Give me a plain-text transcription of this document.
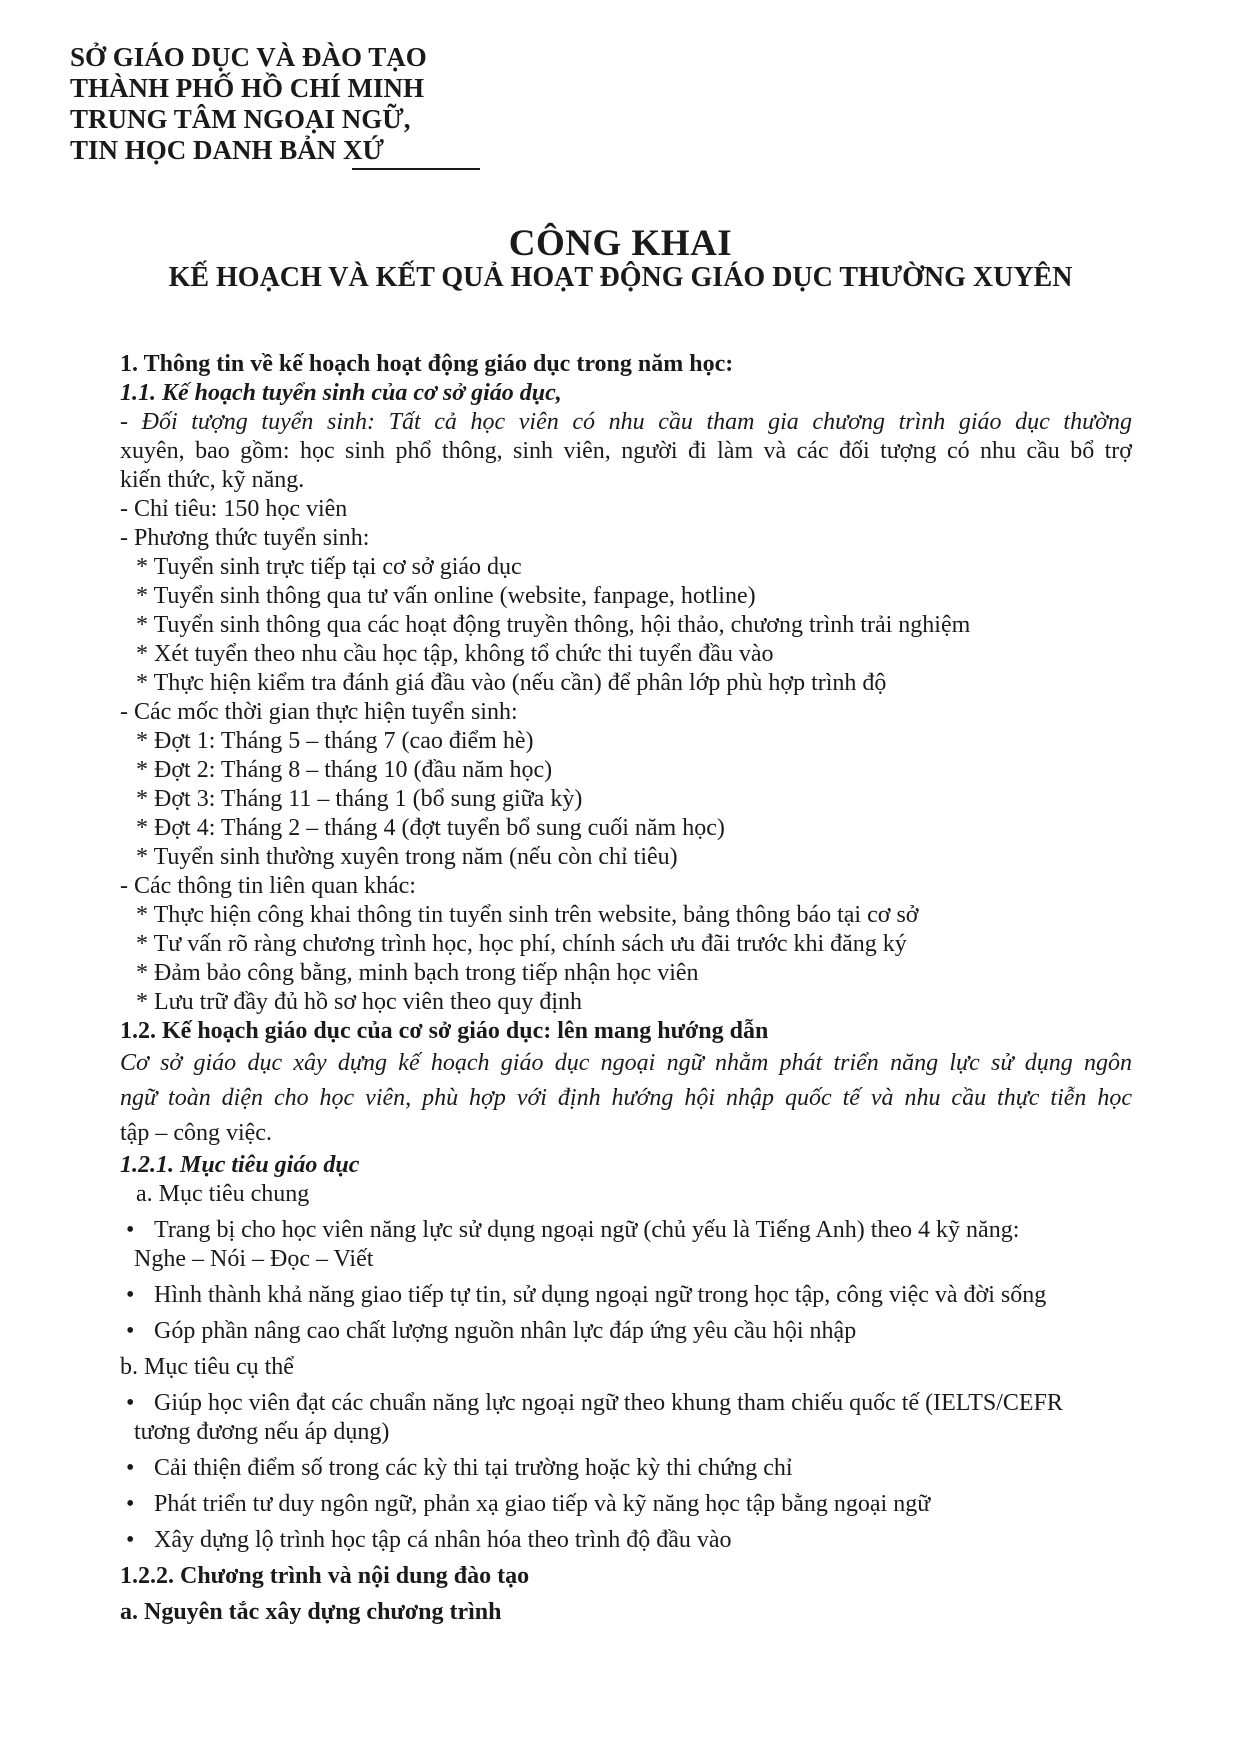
SỞ GIÁO DỤC VÀ ĐÀO TẠO
THÀNH PHỐ HỒ CHÍ MINH
TRUNG TÂM NGOẠI NGỮ,
TIN HỌC DANH BẢN XỨ
CÔNG KHAI
KẾ HOẠCH VÀ KẾT QUẢ HOẠT ĐỘNG GIÁO DỤC THƯỜNG XUYÊN
1. Thông tin về kế hoạch hoạt động giáo dục trong năm học:
1.1. Kế hoạch tuyển sinh của cơ sở giáo dục,
- Đối tượng tuyển sinh: Tất cả học viên có nhu cầu tham gia chương trình giáo dục thường
xuyên, bao gồm: học sinh phổ thông, sinh viên, người đi làm và các đối tượng có nhu cầu bổ trợ
kiến thức, kỹ năng.
- Chỉ tiêu: 150 học viên
- Phương thức tuyển sinh:
* Tuyển sinh trực tiếp tại cơ sở giáo dục
* Tuyển sinh thông qua tư vấn online (website, fanpage, hotline)
* Tuyển sinh thông qua các hoạt động truyền thông, hội thảo, chương trình trải nghiệm
* Xét tuyển theo nhu cầu học tập, không tổ chức thi tuyển đầu vào
* Thực hiện kiểm tra đánh giá đầu vào (nếu cần) để phân lớp phù hợp trình độ
- Các mốc thời gian thực hiện tuyển sinh:
* Đợt 1: Tháng 5 – tháng 7 (cao điểm hè)
* Đợt 2: Tháng 8 – tháng 10 (đầu năm học)
* Đợt 3: Tháng 11 – tháng 1 (bổ sung giữa kỳ)
* Đợt 4: Tháng 2 – tháng 4 (đợt tuyển bổ sung cuối năm học)
* Tuyển sinh thường xuyên trong năm (nếu còn chỉ tiêu)
- Các thông tin liên quan khác:
* Thực hiện công khai thông tin tuyển sinh trên website, bảng thông báo tại cơ sở
* Tư vấn rõ ràng chương trình học, học phí, chính sách ưu đãi trước khi đăng ký
* Đảm bảo công bằng, minh bạch trong tiếp nhận học viên
* Lưu trữ đầy đủ hồ sơ học viên theo quy định
1.2. Kế hoạch giáo dục của cơ sở giáo dục: lên mang hướng dẫn
Cơ sở giáo dục xây dựng kế hoạch giáo dục ngoại ngữ nhằm phát triển năng lực sử dụng ngôn
ngữ toàn diện cho học viên, phù hợp với định hướng hội nhập quốc tế và nhu cầu thực tiễn học
tập – công việc.
1.2.1. Mục tiêu giáo dục
a. Mục tiêu chung
• Trang bị cho học viên năng lực sử dụng ngoại ngữ (chủ yếu là Tiếng Anh) theo 4 kỹ năng:
Nghe – Nói – Đọc – Viết
• Hình thành khả năng giao tiếp tự tin, sử dụng ngoại ngữ trong học tập, công việc và đời sống
• Góp phần nâng cao chất lượng nguồn nhân lực đáp ứng yêu cầu hội nhập
b. Mục tiêu cụ thể
• Giúp học viên đạt các chuẩn năng lực ngoại ngữ theo khung tham chiếu quốc tế (IELTS/CEFR
tương đương nếu áp dụng)
• Cải thiện điểm số trong các kỳ thi tại trường hoặc kỳ thi chứng chỉ
• Phát triển tư duy ngôn ngữ, phản xạ giao tiếp và kỹ năng học tập bằng ngoại ngữ
• Xây dựng lộ trình học tập cá nhân hóa theo trình độ đầu vào
1.2.2. Chương trình và nội dung đào tạo
a. Nguyên tắc xây dựng chương trình
